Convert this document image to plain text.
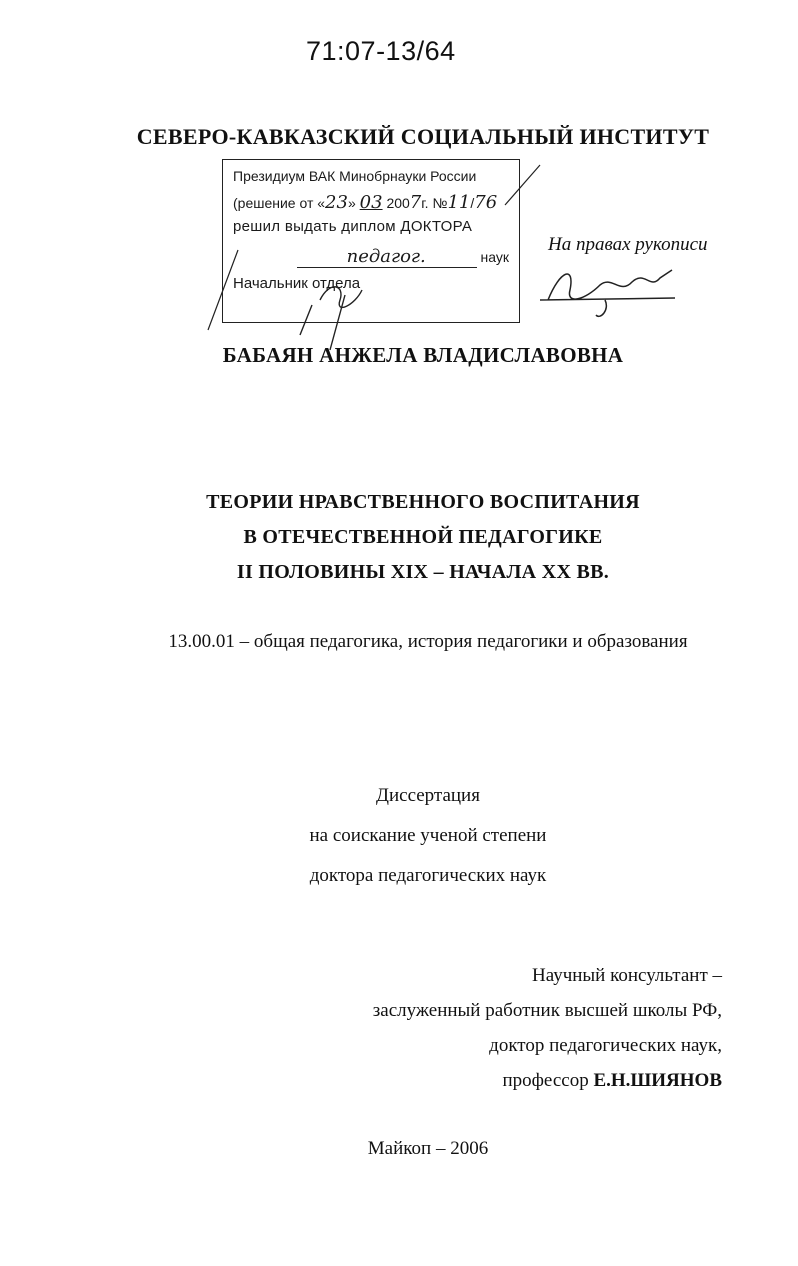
71:07-13/64
СЕВЕРО-КАВКАЗСКИЙ СОЦИАЛЬНЫЙ ИНСТИТУТ
Президиум ВАК Минобрнауки России
(решение от «23» 03 2007г. №11/76
решил выдать диплом ДОКТОРА
педагог.	наук
Начальник отдела
На правах рукописи
БАБАЯН АНЖЕЛА ВЛАДИСЛАВОВНА
ТЕОРИИ НРАВСТВЕННОГО ВОСПИТАНИЯ
В ОТЕЧЕСТВЕННОЙ ПЕДАГОГИКЕ
II ПОЛОВИНЫ XIX – НАЧАЛА XX ВВ.
13.00.01 – общая педагогика, история педагогики и образования
Диссертация
на соискание ученой степени
доктора педагогических наук
Научный консультант –
заслуженный работник высшей школы РФ,
доктор педагогических наук,
профессор Е.Н.ШИЯНОВ
Майкоп – 2006
